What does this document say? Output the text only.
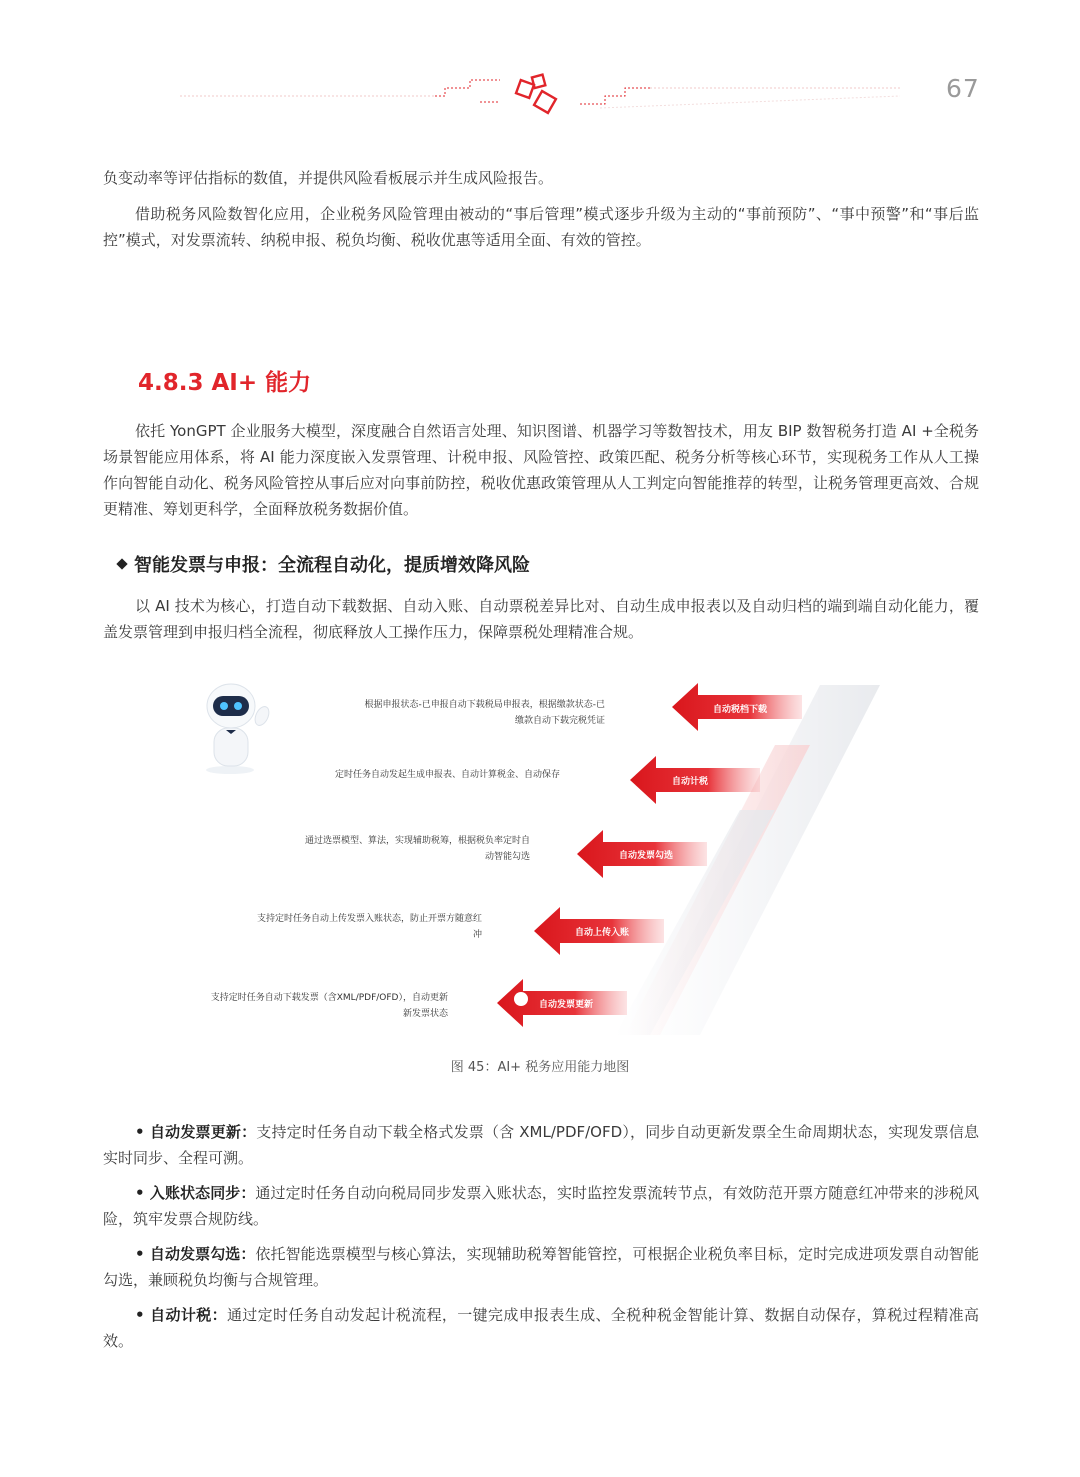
67

负变动率等评估指标的数值，并提供风险看板展示并生成风险报告。

借助税务风险数智化应用，企业税务风险管理由被动的“事后管理”模式逐步升级为主动的“事前预防”、“事中预警”和“事后监控”模式，对发票流转、纳税申报、税负均衡、税收优惠等适用全面、有效的管控。

4.8.3 AI+ 能力

依托 YonGPT 企业服务大模型，深度融合自然语言处理、知识图谱、机器学习等数智技术，用友 BIP 数智税务打造 AI +全税务场景智能应用体系，将 AI 能力深度嵌入发票管理、计税申报、风险管控、政策匹配、税务分析等核心环节，实现税务工作从人工操作向智能自动化、税务风险管控从事后应对向事前防控，税收优惠政策管理从人工判定向智能推荐的转型，让税务管理更高效、合规更精准、筹划更科学，全面释放税务数据价值。

智能发票与申报：全流程自动化，提质增效降风险

以 AI 技术为核心，打造自动下载数据、自动入账、自动票税差异比对、自动生成申报表以及自动归档的端到端自动化能力，覆盖发票管理到申报归档全流程，彻底释放人工操作压力，保障票税处理精准合规。

根据申报状态-已申报自动下载税局申报表，根据缴款状态-已缴款自动下载完税凭证
自动税档下载
定时任务自动发起生成申报表、自动计算税金、自动保存
自动计税
通过选票模型、算法，实现辅助税筹，根据税负率定时自动智能勾选	自动发票勾选
支持定时任务自动上传发票入账状态，防止开票方随意红冲	自动上传入账
支持定时任务自动下载发票（含XML/PDF/OFD），自动更新新发票状态
自动发票更新
图 45：AI+ 税务应用能力地图

• 自动发票更新：支持定时任务自动下载全格式发票（含 XML/PDF/OFD），同步自动更新发票全生命周期状态，实现发票信息实时同步、全程可溯。

• 入账状态同步：通过定时任务自动向税局同步发票入账状态，实时监控发票流转节点，有效防范开票方随意红冲带来的涉税风险，筑牢发票合规防线。

• 自动发票勾选：依托智能选票模型与核心算法，实现辅助税筹智能管控，可根据企业税负率目标，定时完成进项发票自动智能勾选，兼顾税负均衡与合规管理。

• 自动计税：通过定时任务自动发起计税流程，一键完成申报表生成、全税种税金智能计算、数据自动保存，算税过程精准高效。
